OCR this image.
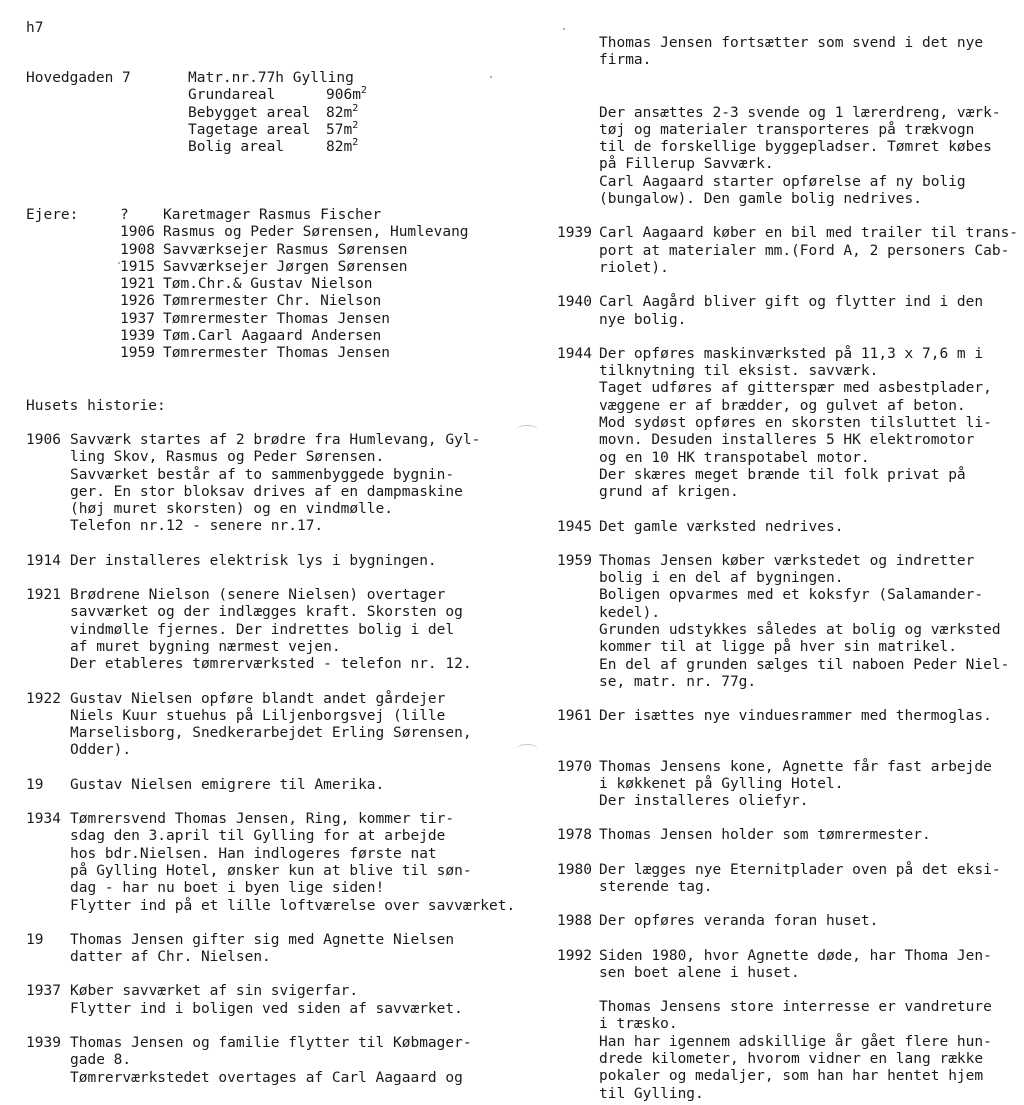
h7
Hovedgaden 7	Matr.nr.77h Gylling
Grundareal	$906m^2$
Bebygget areal	$82m^2$
Tagetage areal	$57m^2$
Bolig areal	$82m^2$
Ejere:	?	Karetmager Rasmus Fischer
1906 Rasmus og Peder Sørensen, Humlevang
1908 Savværksejer Rasmus Sørensen
1915 Savværksejer Jørgen Sørensen
1921 Tøm.Chr.& Gustav Nielson
1926 Tømrermester Chr. Nielson
1937 Tømrermester Thomas Jensen
1939 Tøm.Carl Aagaard Andersen
1959 Tømrermester Thomas Jensen
Husets historie:
1906 Savværk startes af 2 brødre fra Humlevang, Gyl-
ling Skov, Rasmus og Peder Sørensen.
Savværket består af to sammenbyggede bygnin-
ger. En stor bloksav drives af en dampmaskine
(høj muret skorsten) og en vindmølle.
Telefon nr.12 - senere nr.17.
1914 Der installeres elektrisk lys i bygningen.
1921 Brødrene Nielson (senere Nielsen) overtager
savværket og der indlægges kraft. Skorsten og
vindmølle fjernes. Der indrettes bolig i del
af muret bygning nærmest vejen.
Der etableres tømrerværksted - telefon nr. 12.
1922 Gustav Nielsen opføre blandt andet gårdejer
Niels Kuur stuehus på Liljenborgsvej (lille
Marselisborg, Snedkerarbejdet Erling Sørensen,
Odder).
19	Gustav Nielsen emigrere til Amerika.
1934 Tømrersvend Thomas Jensen, Ring, kommer tir-
sdag den 3.april til Gylling for at arbejde
hos bdr.Nielsen. Han indlogeres første nat
på Gylling Hotel, ønsker kun at blive til søn-
dag - har nu boet i byen lige siden!
Flytter ind på et lille loftværelse over savværket.
19	Thomas Jensen gifter sig med Agnette Nielsen
datter af Chr. Nielsen.
1937 Køber savværket af sin svigerfar.
Flytter ind i boligen ved siden af savværket.
1939 Thomas Jensen og familie flytter til Købmager-
gade 8.
Tømrerværkstedet overtages af Carl Aagaard og
Thomas Jensen fortsætter som svend i det nye
firma.
Der ansættes 2-3 svende og 1 lærerdreng, værk-
tøj og materialer transporteres på trækvogn
til de forskellige byggepladser. Tømret købes
på Fillerup Savværk.
Carl Aagaard starter opførelse af ny bolig
(bungalow). Den gamle bolig nedrives.
1939 Carl Aagaard køber en bil med trailer til trans-
port at materialer mm.(Ford A, 2 personers Cab-
riolet).
1940 Carl Aagård bliver gift og flytter ind i den
nye bolig.
1944 Der opføres maskinværksted på 11,3 x 7,6 m i
tilknytning til eksist. savværk.
Taget udføres af gitterspær med asbestplader,
væggene er af brædder, og gulvet af beton.
Mod sydøst opføres en skorsten tilsluttet li-
movn. Desuden installeres 5 HK elektromotor
og en 10 HK transpotabel motor.
Der skæres meget brænde til folk privat på
grund af krigen.
1945 Det gamle værksted nedrives.
1959 Thomas Jensen køber værkstedet og indretter
bolig i en del af bygningen.
Boligen opvarmes med et koksfyr (Salamander-
kedel).
Grunden udstykkes således at bolig og værksted
kommer til at ligge på hver sin matrikel.
En del af grunden sælges til naboen Peder Niel-
se, matr. nr. 77g.
1961 Der isættes nye vinduesrammer med thermoglas.
1970 Thomas Jensens kone, Agnette får fast arbejde
i køkkenet på Gylling Hotel.
Der installeres oliefyr.
1978 Thomas Jensen holder som tømrermester.
1980 Der lægges nye Eternitplader oven på det eksi-
sterende tag.
1988 Der opføres veranda foran huset.
1992 Siden 1980, hvor Agnette døde, har Thoma Jen-
sen boet alene i huset.
Thomas Jensens store interresse er vandreture
i træsko.
Han har igennem adskillige år gået flere hun-
drede kilometer, hvorom vidner en lang række
pokaler og medaljer, som han har hentet hjem
til Gylling.
